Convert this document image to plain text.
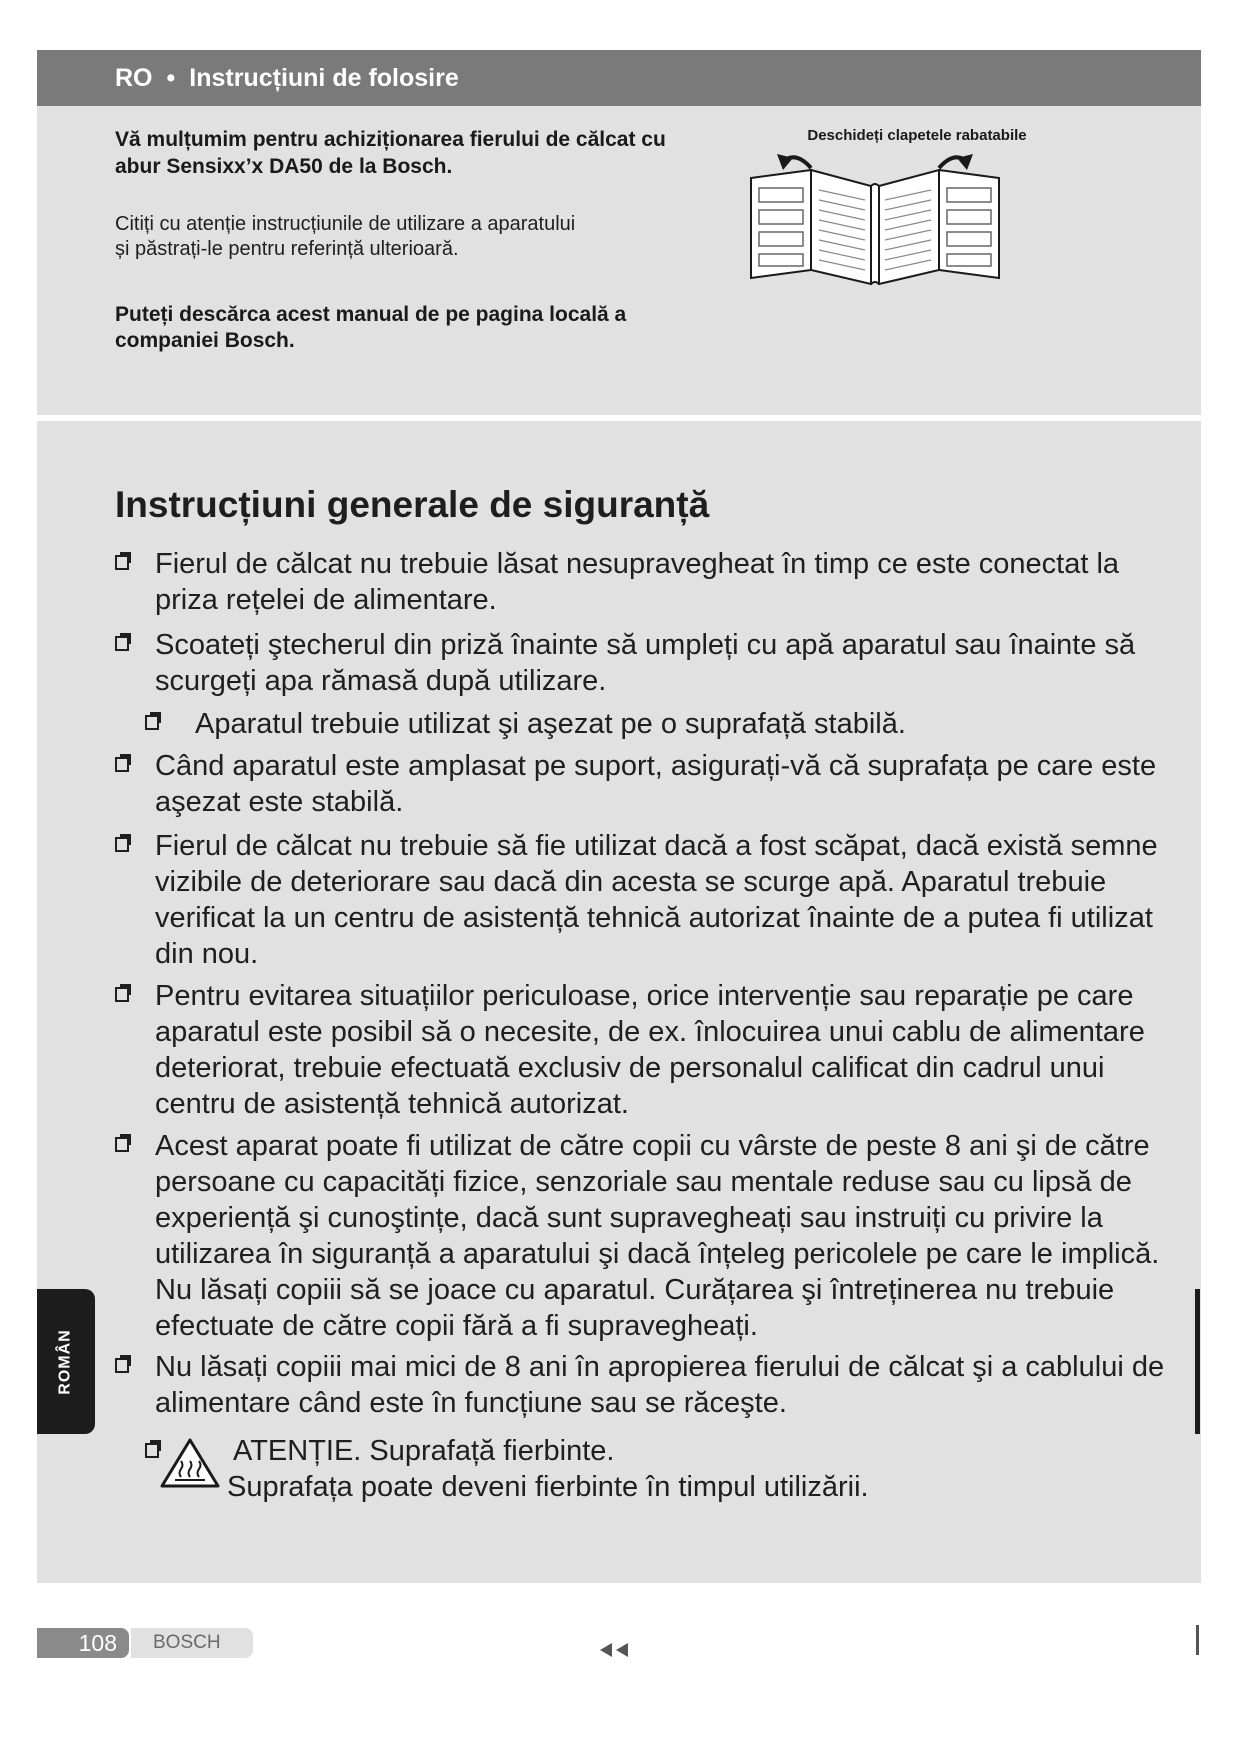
RO • Instrucțiuni de folosire
Vă mulțumim pentru achiziționarea fierului de călcat cu abur Sensixx’x DA50 de la Bosch.
Citiți cu atenție instrucțiunile de utilizare a aparatului și păstrați-le pentru referință ulterioară.
Puteți descărca acest manual de pe pagina locală a companiei Bosch.
Deschideți clapetele rabatabile
Instrucțiuni generale de siguranță
Fierul de călcat nu trebuie lăsat nesupravegheat în timp ce este conectat la priza rețelei de alimentare.
Scoateți ştecherul din priză înainte să umpleți cu apă aparatul sau înainte să scurgeți apa rămasă după utilizare.
Aparatul trebuie utilizat şi aşezat pe o suprafață stabilă.
Când aparatul este amplasat pe suport, asigurați-vă că suprafața pe care este aşezat este stabilă.
Fierul de călcat nu trebuie să fie utilizat dacă a fost scăpat, dacă există semne vizibile de deteriorare sau dacă din acesta se scurge apă. Aparatul trebuie verificat la un centru de asistență tehnică autorizat înainte de a putea fi utilizat din nou.
Pentru evitarea situațiilor periculoase, orice intervenție sau reparație pe care aparatul este posibil să o necesite, de ex. înlocuirea unui cablu de alimentare deteriorat, trebuie efectuată exclusiv de personalul calificat din cadrul unui centru de asistență tehnică autorizat.
Acest aparat poate fi utilizat de către copii cu vârste de peste 8 ani şi de către persoane cu capacități fizice, senzoriale sau mentale reduse sau cu lipsă de experiență şi cunoştințe, dacă sunt supravegheați sau instruiți cu privire la utilizarea în siguranță a aparatului şi dacă înțeleg pericolele pe care le implică. Nu lăsați copiii să se joace cu aparatul. Curățarea şi întreținerea nu trebuie efectuate de către copii fără a fi supravegheați.
Nu lăsați copiii mai mici de 8 ani în apropierea fierului de călcat şi a cablului de alimentare când este în funcțiune sau se răceşte.
ATENȚIE. Suprafață fierbinte.
Suprafața poate deveni fierbinte în timpul utilizării.
ROMÂN
108	BOSCH
